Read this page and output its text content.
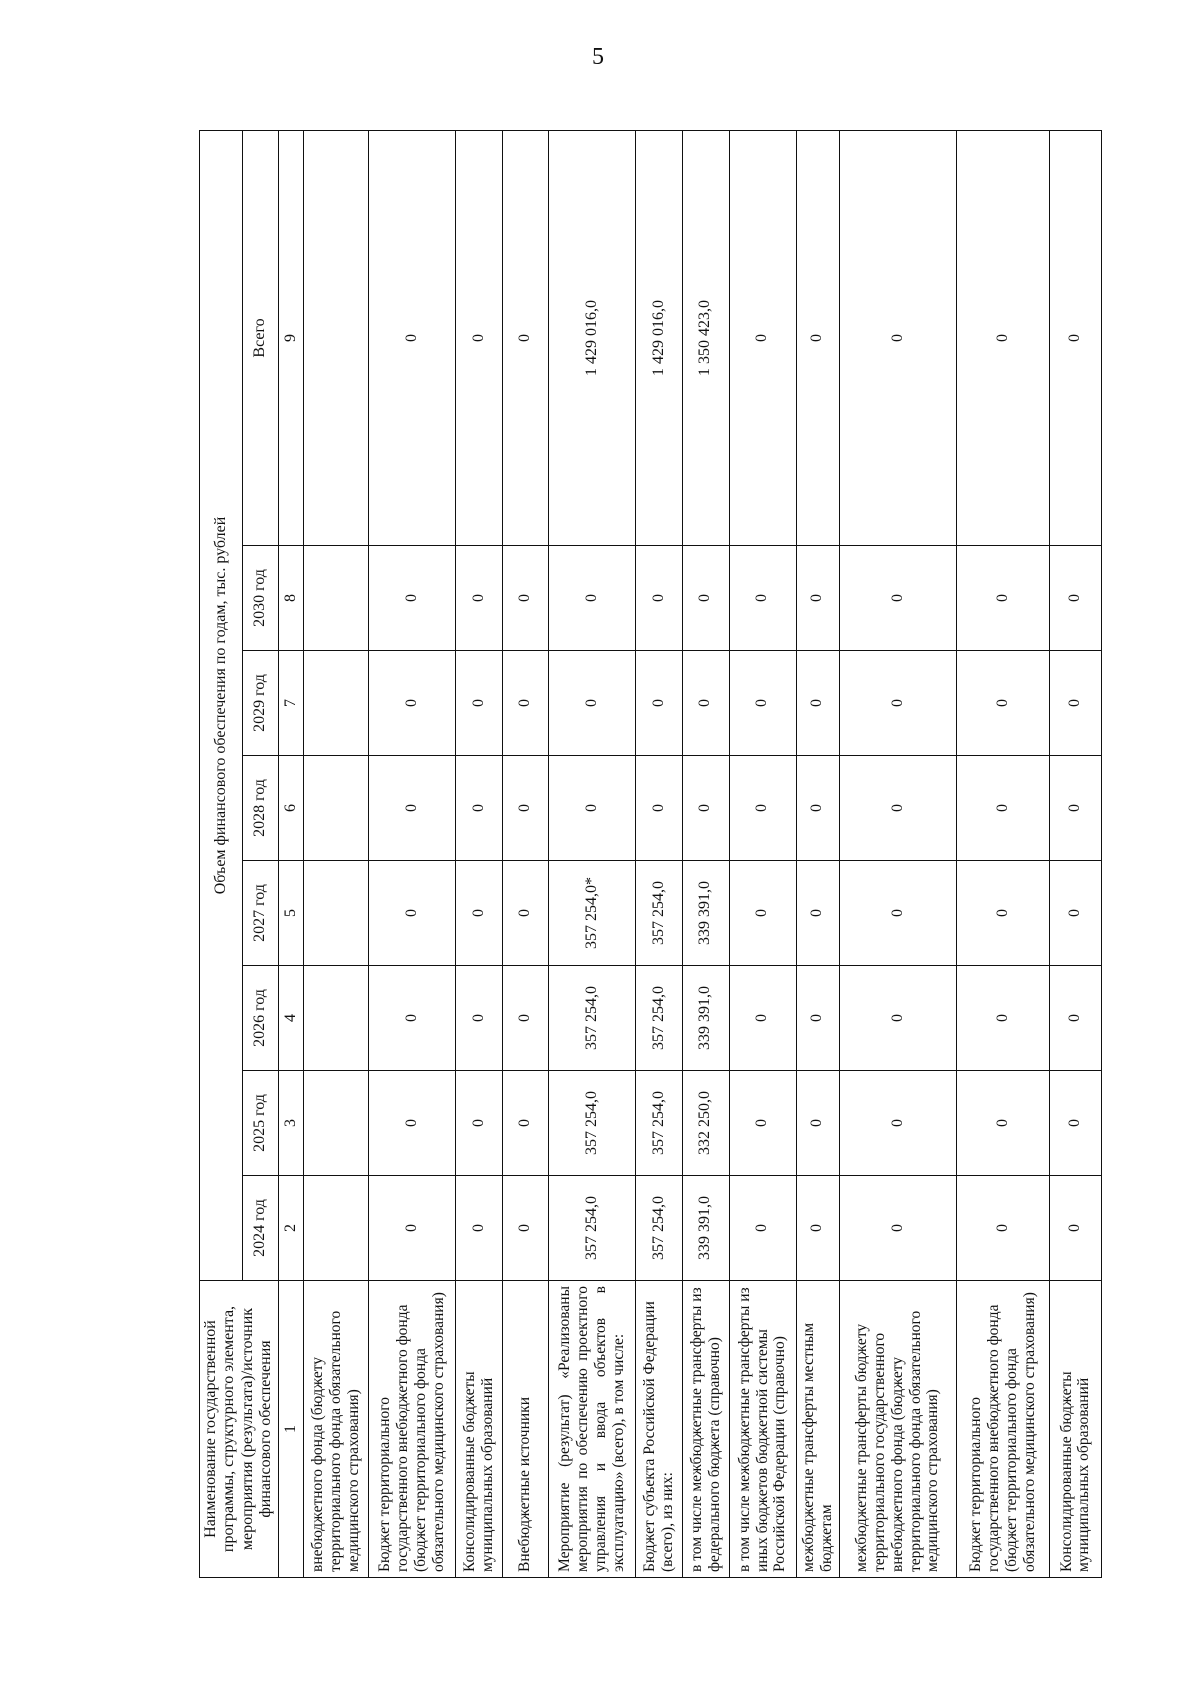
5
Наименование государственной программы, структурного элемента, мероприятия (результата)/источник финансового обеспечения	Объем финансового обеспечения по годам, тыс. рублей							
	2024 год	2025 год	2026 год	2027 год	2028 год	2029 год	2030 год	Всего
1	2	3	4	5	6	7	8	9
внебюджетного фонда (бюджету территориального фонда обязательного медицинского страхования)								
Бюджет территориального государственного внебюджетного фонда (бюджет территориального фонда обязательного медицинского страхования)	0	0	0	0	0	0	0	0
Консолидированные бюджеты муниципальных образований	0	0	0	0	0	0	0	0
Внебюджетные источники	0	0	0	0	0	0	0	0
Мероприятие (результат) «Реализованы мероприятия по обеспечению проектного управления и ввода объектов в эксплуатацию» (всего), в том числе:	357 254,0	357 254,0	357 254,0	357 254,0*	0	0	0	1 429 016,0
Бюджет субъекта Российской Федерации (всего), из них:	357 254,0	357 254,0	357 254,0	357 254,0	0	0	0	1 429 016,0
в том числе межбюджетные трансферты из федерального бюджета (справочно)	339 391,0	332 250,0	339 391,0	339 391,0	0	0	0	1 350 423,0
в том числе межбюджетные трансферты из иных бюджетов бюджетной системы Российской Федерации (справочно)	0	0	0	0	0	0	0	0
межбюджетные трансферты местным бюджетам	0	0	0	0	0	0	0	0
межбюджетные трансферты бюджету территориального государственного внебюджетного фонда (бюджету территориального фонда обязательного медицинского страхования)	0	0	0	0	0	0	0	0
Бюджет территориального государственного внебюджетного фонда (бюджет территориального фонда обязательного медицинского страхования)	0	0	0	0	0	0	0	0
Консолидированные бюджеты муниципальных образований	0	0	0	0	0	0	0	0
